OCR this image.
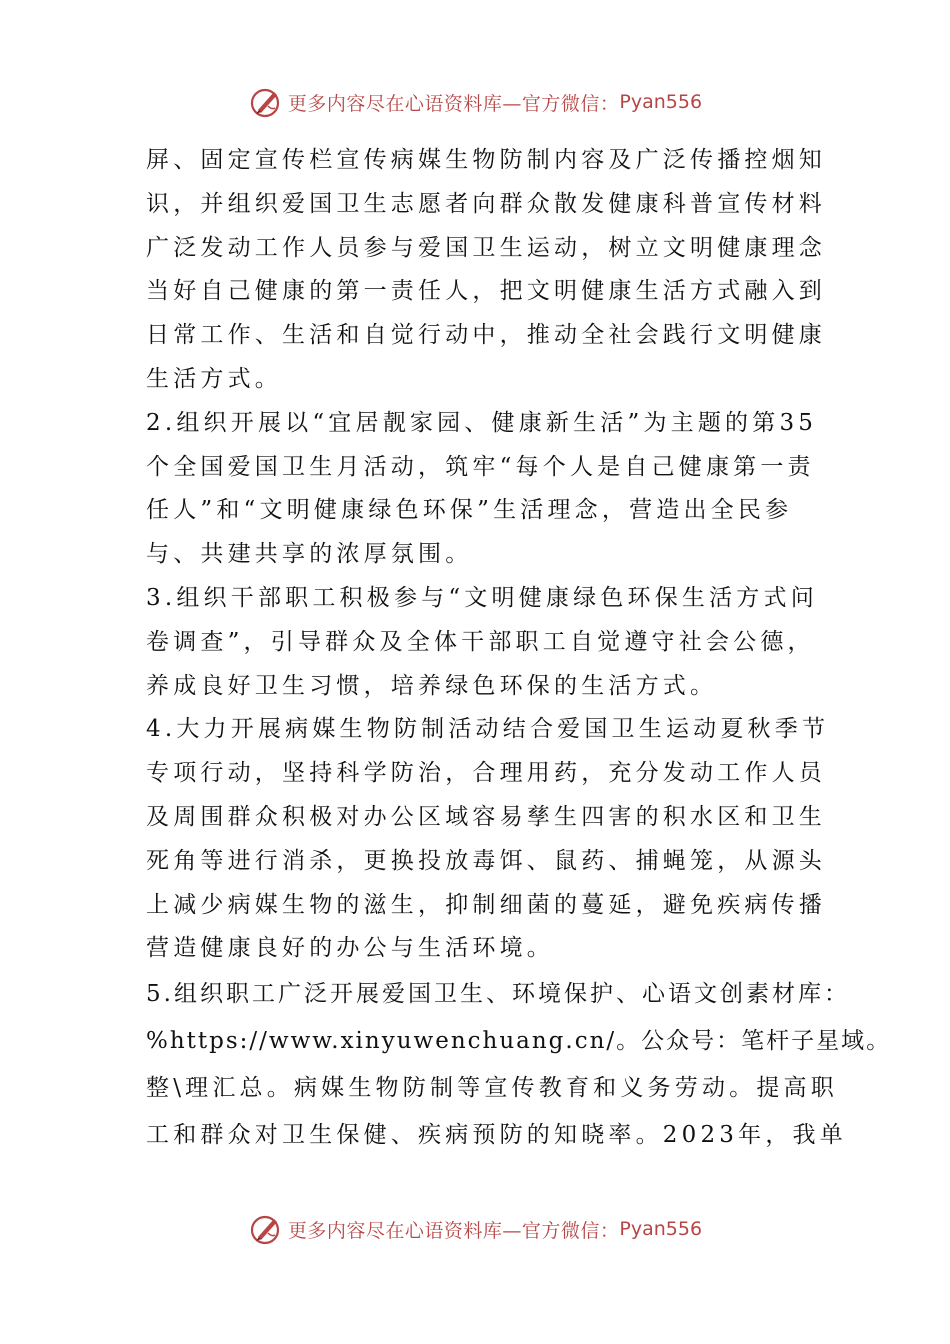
更多内容尽在心语资料库—官方微信： Pyan556
屏、固定宣传栏宣传病媒生物防制内容及广泛传播控烟知
识，并组织爱国卫生志愿者向群众散发健康科普宣传材料
广泛发动工作人员参与爱国卫生运动，树立文明健康理念
当好自己健康的第一责任人，把文明健康生活方式融入到
日常工作、生活和自觉行动中，推动全社会践行文明健康
生活方式。
2.组织开展以“宜居靓家园、健康新生活”为主题的第35
个全国爱国卫生月活动，筑牢“每个人是自己健康第一责
任人”和“文明健康绿色环保”生活理念，营造出全民参
与、共建共享的浓厚氛围。
3.组织干部职工积极参与“文明健康绿色环保生活方式问
卷调查”，引导群众及全体干部职工自觉遵守社会公德，
养成良好卫生习惯，培养绿色环保的生活方式。
4.大力开展病媒生物防制活动结合爱国卫生运动夏秋季节
专项行动，坚持科学防治，合理用药，充分发动工作人员
及周围群众积极对办公区域容易孳生四害的积水区和卫生
死角等进行消杀，更换投放毒饵、鼠药、捕蝇笼，从源头
上减少病媒生物的滋生，抑制细菌的蔓延，避免疾病传播
营造健康良好的办公与生活环境。
5.组织职工广泛开展爱国卫生、环境保护、心语文创素材库：
%https://www.xinyuwenchuang.cn/。公众号：笔杆子星域。
整\理汇总。病媒生物防制等宣传教育和义务劳动。提高职
工和群众对卫生保健、疾病预防的知晓率。2023年，我单
更多内容尽在心语资料库—官方微信： Pyan556
